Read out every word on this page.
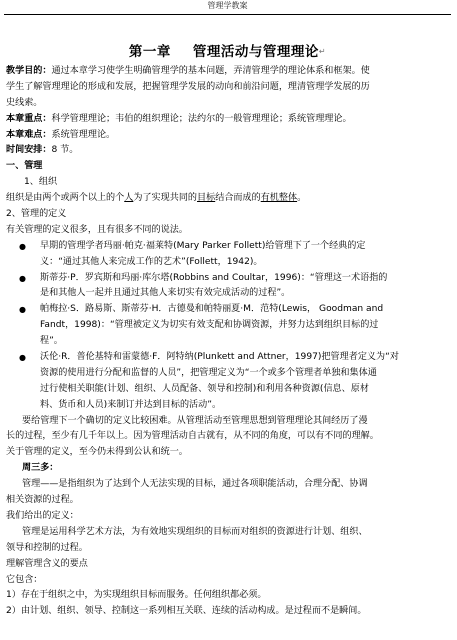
管理学教案
第一章 管理活动与管理理论↵
教学目的：通过本章学习使学生明确管理学的基本问题，弄清管理学的理论体系和框架。使
学生了解管理理论的形成和发展，把握管理学发展的动向和前沿问题，理清管理学发展的历
史线索。
本章重点：科学管理理论；韦伯的组织理论；法约尔的一般管理理论；系统管理理论。
本章难点：系统管理理论。
时间安排：8 节。
一、管理
1、组织
组织是由两个或两个以上的个人为了实现共同的目标结合而成的有机整体。
2、管理的定义
有关管理的定义很多，且有很多不同的说法。
● 早期的管理学者玛丽·帕克·福莱特(Mary Parker Follett)给管理下了一个经典的定
义：“通过其他人来完成工作的艺术”(Follett，1942)。
● 斯蒂芬·P．罗宾斯和玛丽·库尔塔(Robbins and Coultar，1996)：“管理这一术语指的
是和其他人一起并且通过其他人来切实有效完成活动的过程”。
● 帕梅拉·S．路易斯、斯蒂芬·H．古德曼和帕特丽夏·M．范特(Lewis， Goodman and
Fandt，1998)：“管理被定义为切实有效支配和协调资源，并努力达到组织目标的过
程”。
● 沃伦·R．普伦基特和雷蒙德·F．阿特纳(Plunkett and Attner，1997)把管理者定义为“对
资源的使用进行分配和监督的人员”，把管理定义为“一个或多个管理者单独和集体通
过行使相关职能(计划、组织、人员配备、领导和控制)和利用各种资源(信息、原材
料、货币和人员)来制订并达到目标的活动”。
要给管理下一个确切的定义比较困难。从管理活动至管理思想到管理理论其间经历了漫
长的过程，至少有几千年以上。因为管理活动自古就有，从不同的角度，可以有不同的理解。
关于管理的定义，至今仍未得到公认和统一。
周三多：
管理——是指组织为了达到个人无法实现的目标，通过各项职能活动，合理分配、协调
相关资源的过程。
我们给出的定义：
管理是运用科学艺术方法，为有效地实现组织的目标而对组织的资源进行计划、组织、
领导和控制的过程。
理解管理含义的要点
它包含：
1）存在于组织之中，为实现组织目标而服务。任何组织都必须。
2）由计划、组织、领导、控制这一系列相互关联、连续的活动构成。是过程而不是瞬间。
